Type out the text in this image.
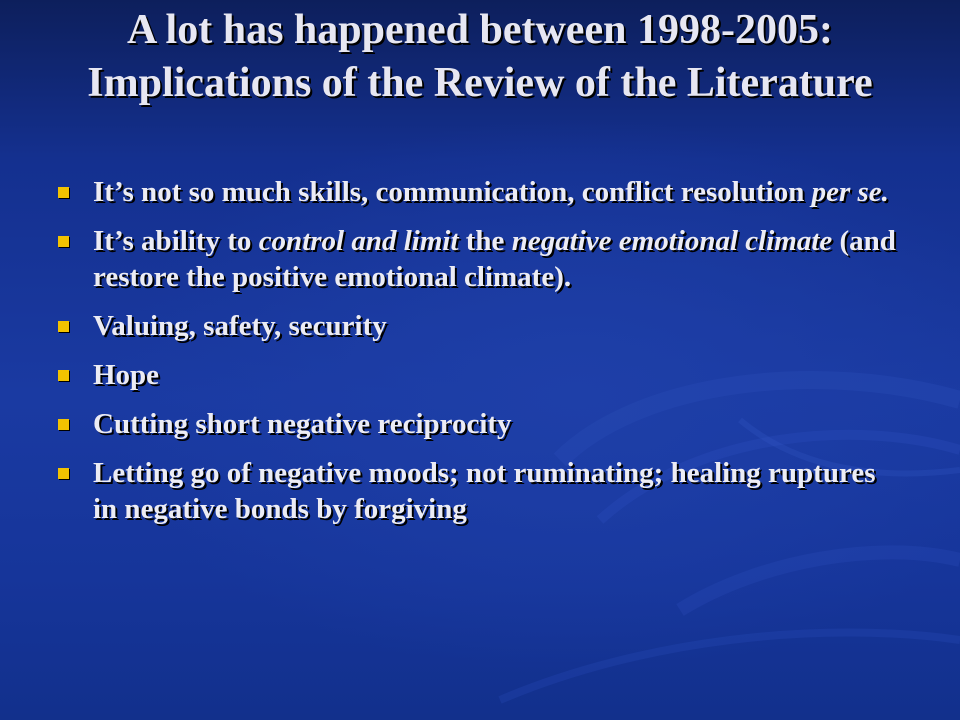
A lot has happened between 1998-2005: Implications of the Review of the Literature
It’s not so much skills, communication, conflict resolution per se.
It’s ability to control and limit the negative emotional climate (and restore the positive emotional climate).
Valuing, safety, security
Hope
Cutting short negative reciprocity
Letting go of negative moods; not ruminating; healing ruptures in negative bonds by forgiving
